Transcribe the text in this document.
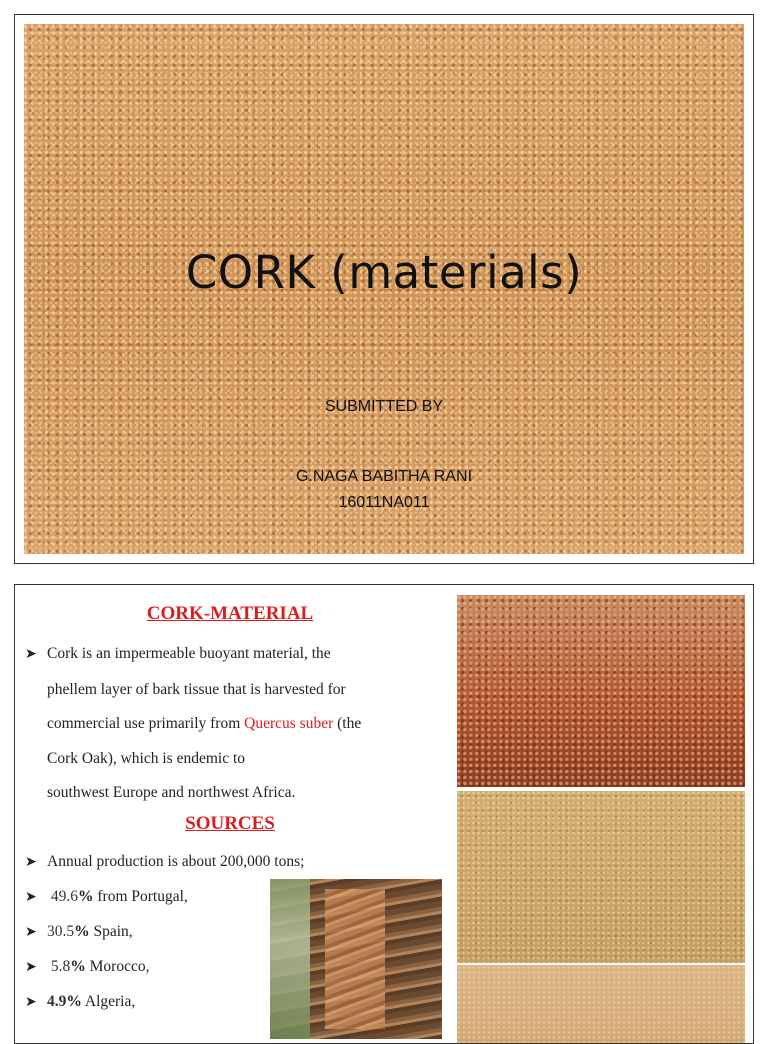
CORK (materials)
SUBMITTED BY
G.NAGA BABITHA RANI
16011NA011
CORK-MATERIAL
➤ Cork is an impermeable buoyant material, the
phellem layer of bark tissue that is harvested for
commercial use primarily from Quercus suber (the
Cork Oak), which is endemic to
southwest Europe and northwest Africa.
SOURCES
➤ Annual production is about 200,000 tons;
➤ 49.6% from Portugal,
➤ 30.5% Spain,
➤ 5.8% Morocco,
➤ 4.9% Algeria,
